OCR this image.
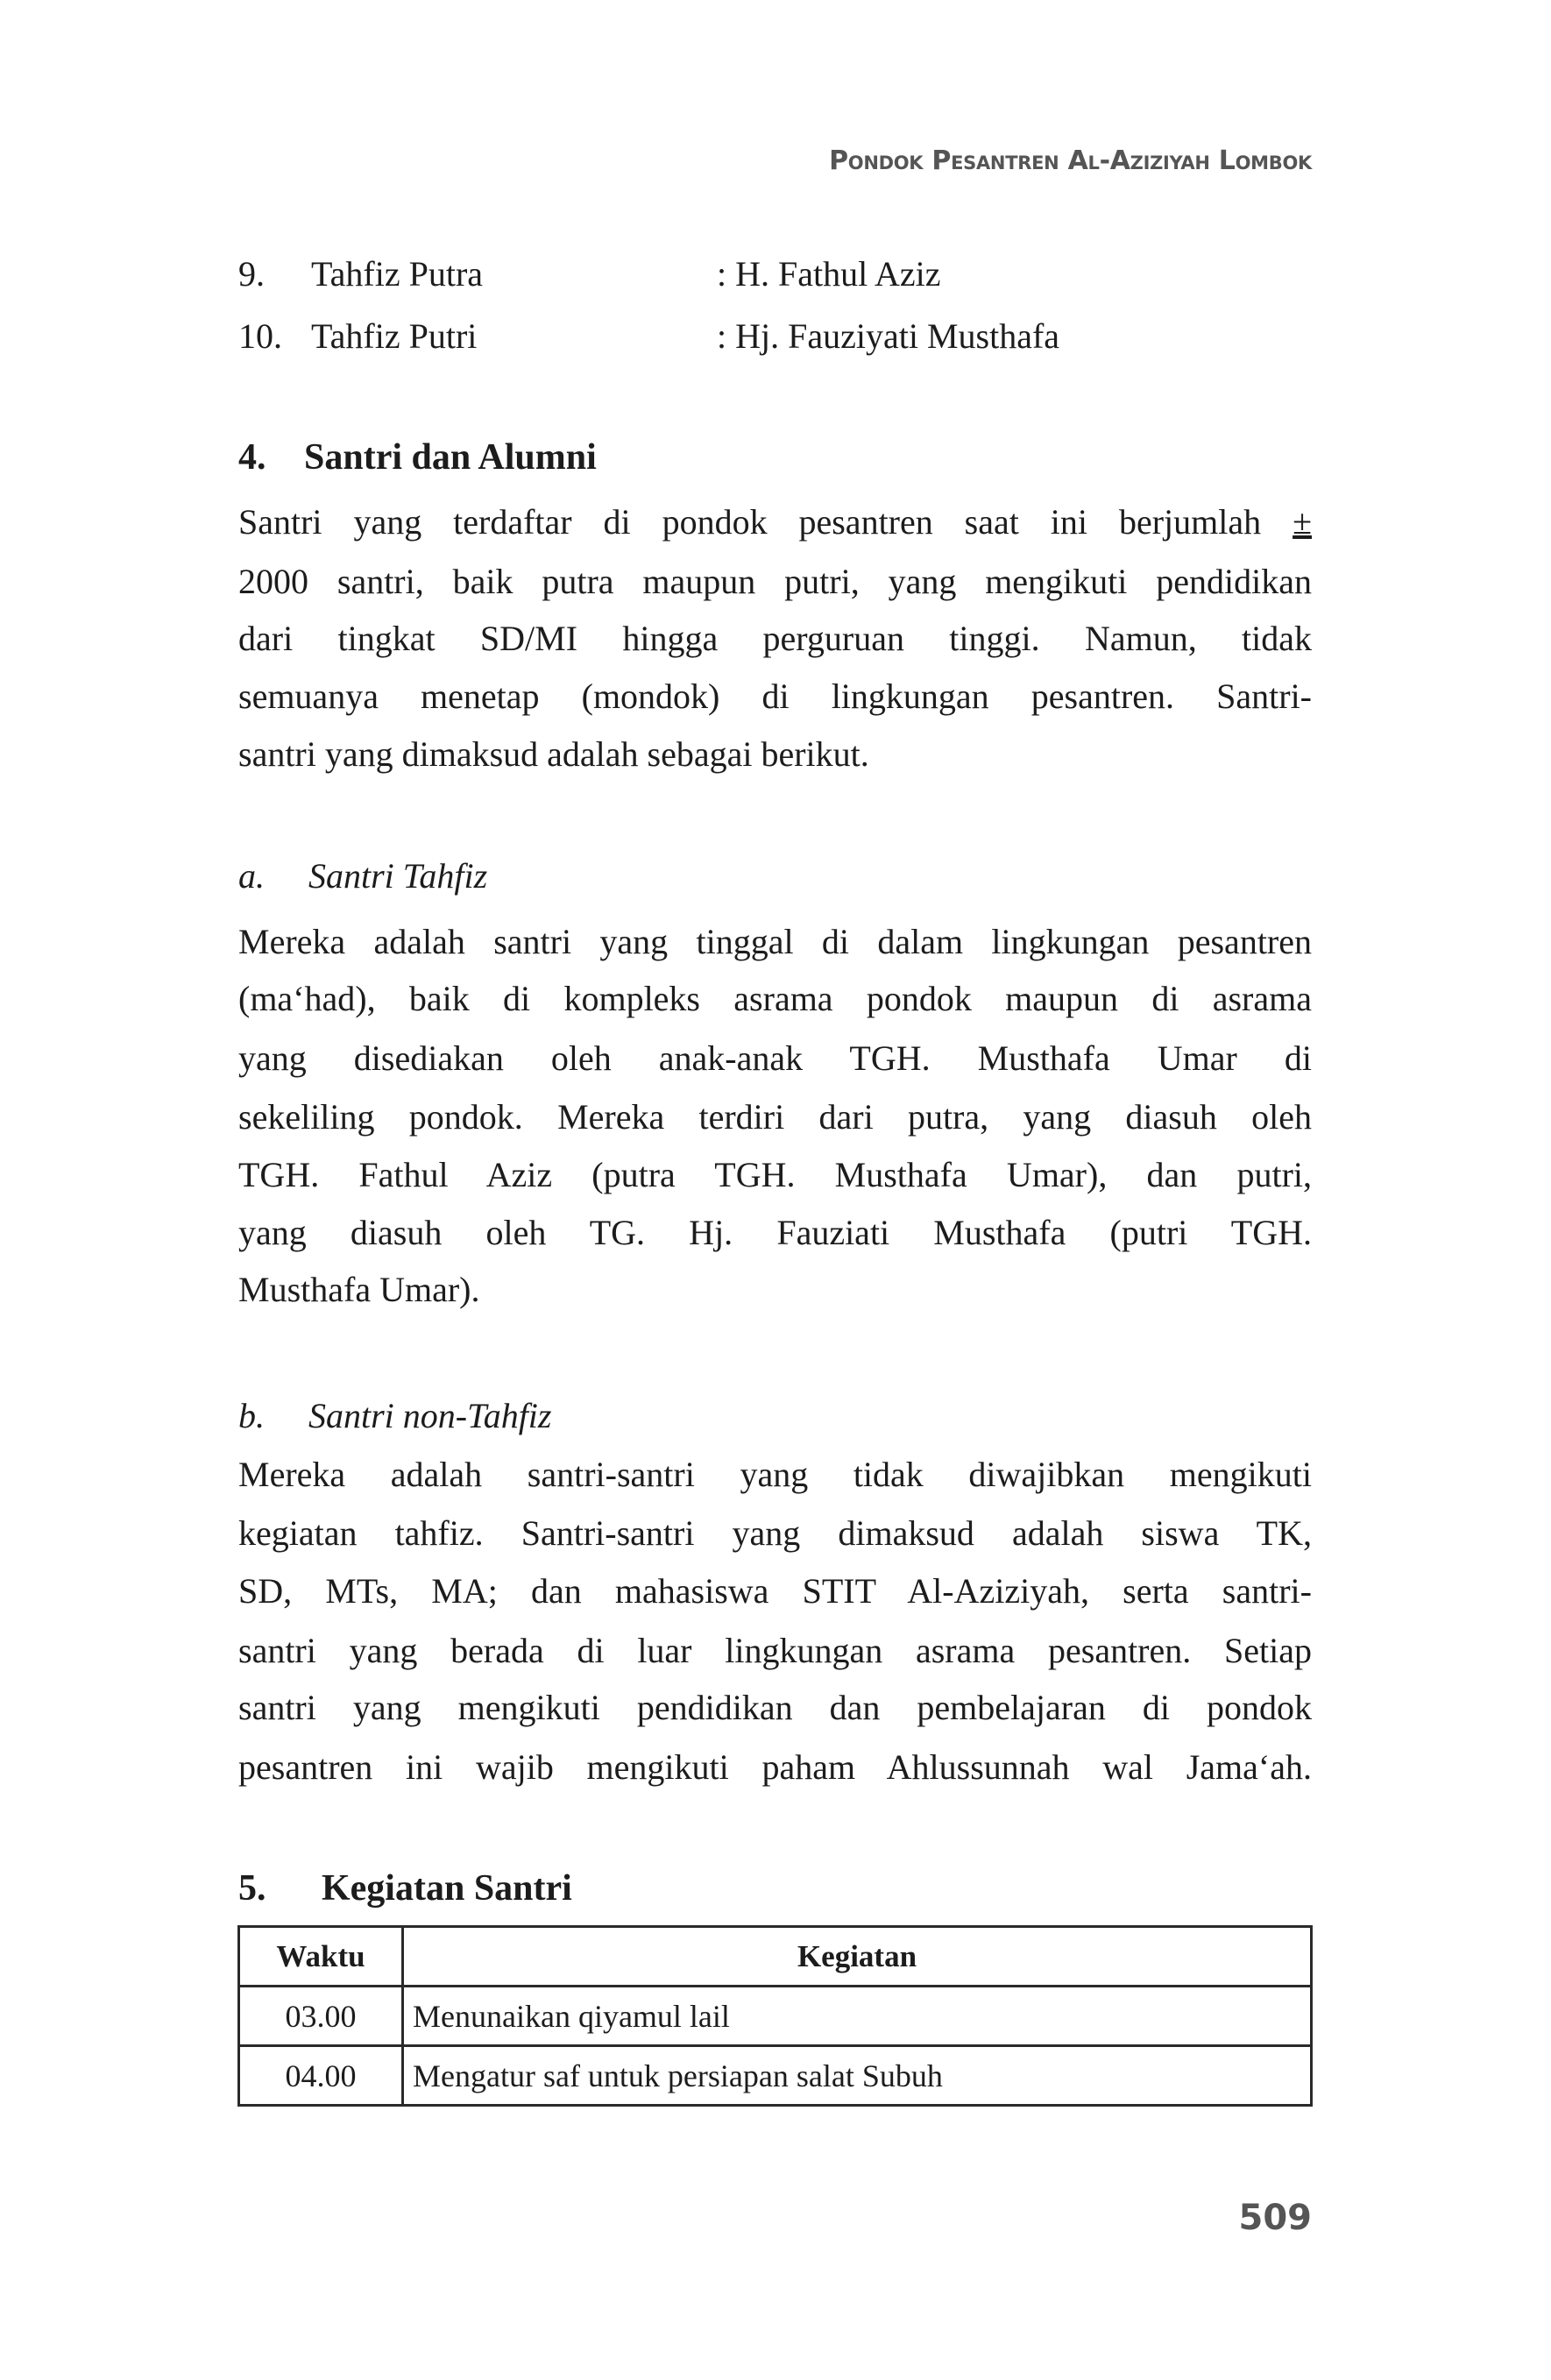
Pondok Pesantren Al-Aziziyah Lombok
9. Tahfiz Putra	: H. Fathul Aziz
10. Tahfiz Putri	: Hj. Fauziyati Musthafa
4. Santri dan Alumni
Santri yang terdaftar di pondok pesantren saat ini berjumlah ±
2000 santri, baik putra maupun putri, yang mengikuti pendidikan
dari tingkat SD/MI hingga perguruan tinggi. Namun, tidak
semuanya menetap (mondok) di lingkungan pesantren. Santri-
santri yang dimaksud adalah sebagai berikut.
a. Santri Tahfiz
Mereka adalah santri yang tinggal di dalam lingkungan pesantren
(ma‘had), baik di kompleks asrama pondok maupun di asrama
yang disediakan oleh anak-anak TGH. Musthafa Umar di
sekeliling pondok. Mereka terdiri dari putra, yang diasuh oleh
TGH. Fathul Aziz (putra TGH. Musthafa Umar), dan putri,
yang diasuh oleh TG. Hj. Fauziati Musthafa (putri TGH.
Musthafa Umar).
b. Santri non-Tahfiz
Mereka adalah santri-santri yang tidak diwajibkan mengikuti
kegiatan tahfiz. Santri-santri yang dimaksud adalah siswa TK,
SD, MTs, MA; dan mahasiswa STIT Al-Aziziyah, serta santri-
santri yang berada di luar lingkungan asrama pesantren. Setiap
santri yang mengikuti pendidikan dan pembelajaran di pondok
pesantren ini wajib mengikuti paham Ahlussunnah wal Jama‘ah.
5. Kegiatan Santri
Waktu	Kegiatan
03.00	Menunaikan qiyamul lail
04.00	Mengatur saf untuk persiapan salat Subuh
509
